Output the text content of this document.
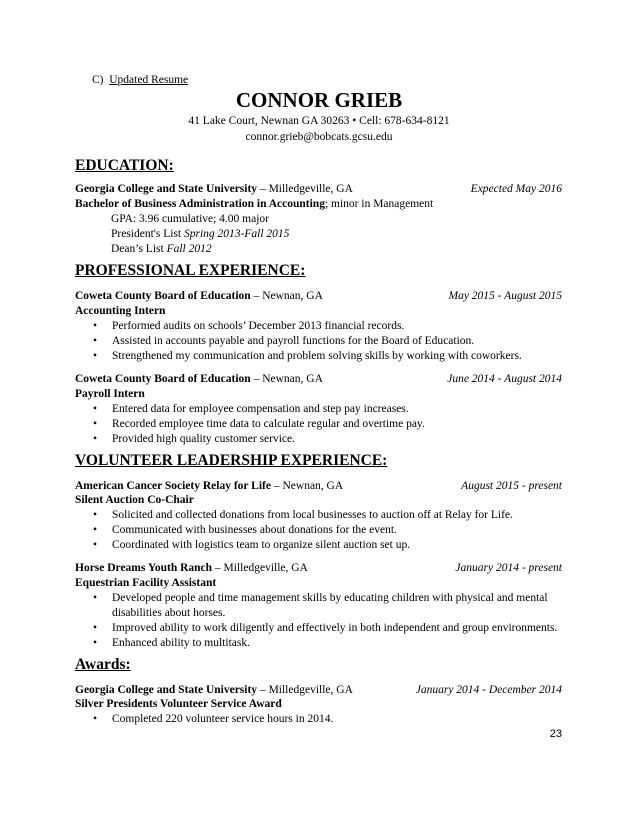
C) Updated Resume
CONNOR GRIEB
41 Lake Court, Newnan GA 30263 • Cell: 678-634-8121
connor.grieb@bobcats.gcsu.edu
EDUCATION:
Georgia College and State University – Milledgeville, GA	Expected May 2016
Bachelor of Business Administration in Accounting; minor in Management
GPA: 3.96 cumulative; 4.00 major
President's List Spring 2013-Fall 2015
Dean’s List Fall 2012
PROFESSIONAL EXPERIENCE:
Coweta County Board of Education – Newnan, GA	May 2015 - August 2015
Accounting Intern
• Performed audits on schools’ December 2013 financial records.
• Assisted in accounts payable and payroll functions for the Board of Education.
• Strengthened my communication and problem solving skills by working with coworkers.
Coweta County Board of Education – Newnan, GA	June 2014 - August 2014
Payroll Intern
• Entered data for employee compensation and step pay increases.
• Recorded employee time data to calculate regular and overtime pay.
• Provided high quality customer service.
VOLUNTEER LEADERSHIP EXPERIENCE:
American Cancer Society Relay for Life – Newnan, GA	August 2015 - present
Silent Auction Co-Chair
• Solicited and collected donations from local businesses to auction off at Relay for Life.
• Communicated with businesses about donations for the event.
• Coordinated with logistics team to organize silent auction set up.
Horse Dreams Youth Ranch – Milledgeville, GA	January 2014 - present
Equestrian Facility Assistant
• Developed people and time management skills by educating children with physical and mental
disabilities about horses.
• Improved ability to work diligently and effectively in both independent and group environments.
• Enhanced ability to multitask.
Awards:
Georgia College and State University – Milledgeville, GA	January 2014 - December 2014
Silver Presidents Volunteer Service Award
• Completed 220 volunteer service hours in 2014.
23
